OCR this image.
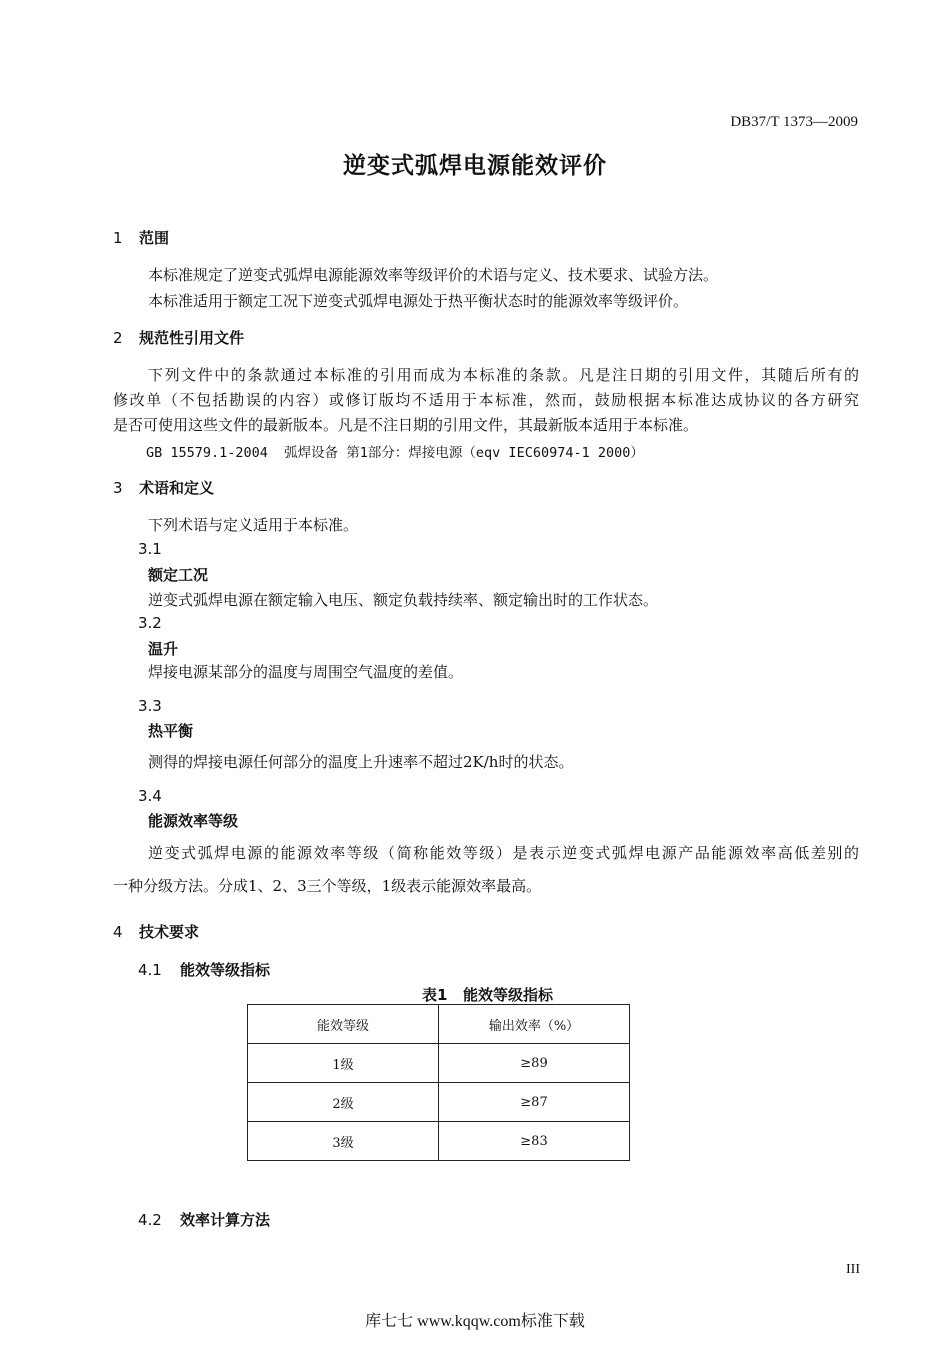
DB37/T 1373—2009
逆变式弧焊电源能效评价
1 范围
本标准规定了逆变式弧焊电源能源效率等级评价的术语与定义、技术要求、试验方法。
本标准适用于额定工况下逆变式弧焊电源处于热平衡状态时的能源效率等级评价。
2 规范性引用文件
下列文件中的条款通过本标准的引用而成为本标准的条款。凡是注日期的引用文件，其随后所有的
修改单（不包括勘误的内容）或修订版均不适用于本标准，然而，鼓励根据本标准达成协议的各方研究
是否可使用这些文件的最新版本。凡是不注日期的引用文件，其最新版本适用于本标准。
GB 15579.1-2004  弧焊设备 第1部分：焊接电源（eqv IEC60974-1 2000）
3 术语和定义
下列术语与定义适用于本标准。
3.1
额定工况
逆变式弧焊电源在额定输入电压、额定负载持续率、额定输出时的工作状态。
3.2
温升
焊接电源某部分的温度与周围空气温度的差值。
3.3
热平衡
测得的焊接电源任何部分的温度上升速率不超过2K/h时的状态。
3.4
能源效率等级
逆变式弧焊电源的能源效率等级（简称能效等级）是表示逆变式弧焊电源产品能源效率高低差别的
一种分级方法。分成1、2、3三个等级，1级表示能源效率最高。
4 技术要求
4.1 能效等级指标
表1   能效等级指标
能效等级	输出效率（%）
1级	≥89
2级	≥87
3级	≥83
4.2 效率计算方法
III
库七七 www.kqqw.com标准下载
